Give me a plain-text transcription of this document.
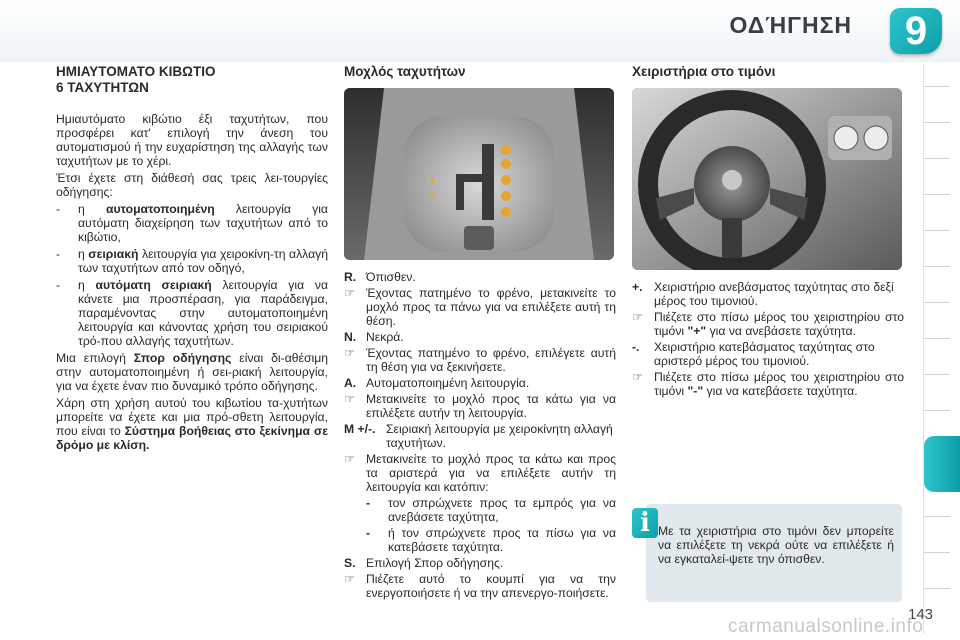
ΟΔΉΓΗΣΗ	9
ΗΜΙΑΥΤΟΜΑΤΟ ΚΙΒΩΤΙΟ
6 ΤΑΧΥΤΗΤΩΝ

Ημιαυτόματο κιβώτιο έξι ταχυτήτων, που προσφέρει κατ' επιλογή την άνεση του αυτοματισμού ή την ευχαρίστηση της αλλαγής των ταχυτήτων με το χέρι.

Έτσι έχετε στη διάθεσή σας τρεις λει-τουργίες οδήγησης:

-	η αυτοματοποιημένη λειτουργία για αυτόματη διαχείρηση των ταχυτήτων από το κιβώτιο,
-	η σειριακή λειτουργία για χειροκίνη-τη αλλαγή των ταχυτήτων από τον οδηγό,
-	η αυτόματη σειριακή λειτουργία για να κάνετε μια προσπέραση, για παράδειγμα, παραμένοντας στην αυτοματοποιημένη λειτουργία και κάνοντας χρήση του σειριακού τρό-που αλλαγής ταχυτήτων.

Μια επιλογή Σπορ οδήγησης είναι δι-αθέσιμη στην αυτοματοποιημένη ή σει-ριακή λειτουργία, για να έχετε έναν πιο δυναμικό τρόπο οδήγησης.

Χάρη στη χρήση αυτού του κιβωτίου τα-χυτήτων μπορείτε να έχετε και μια πρό-σθετη λειτουργία, που είναι το Σύστημα βοήθειας στο ξεκίνημα σε δρόμο με κλίση.

Μοχλός ταχυτήτων
+
−
R. Όπισθεν.
☞ Έχοντας πατημένο το φρένο, μετακινείτε το μοχλό προς τα πάνω για να επιλέξετε αυτή τη θέση.
N. Νεκρά.
☞ Έχοντας πατημένο το φρένο, επιλέγετε αυτή τη θέση για να ξεκινήσετε.
A. Αυτοματοποιημένη λειτουργία.
☞ Μετακινείτε το μοχλό προς τα κάτω για να επιλέξετε αυτήν τη λειτουργία.
M +/-. Σειριακή λειτουργία με χειροκίνητη αλλαγή ταχυτήτων.
☞ Μετακινείτε το μοχλό προς τα κάτω και προς τα αριστερά για να επιλέξετε αυτήν τη λειτουργία και κατόπιν:
-	τον σπρώχνετε προς τα εμπρός για να ανεβάσετε ταχύτητα,
-	ή τον σπρώχνετε προς τα πίσω για να κατεβάσετε ταχύτητα.
S. Επιλογή Σπορ οδήγησης.
☞ Πιέζετε αυτό το κουμπί για να την ενεργοποιήσετε ή να την απενεργο-ποιήσετε.
Χειριστήρια στο τιμόνι
+. Χειριστήριο ανεβάσματος ταχύτητας στο δεξί μέρος του τιμονιού.
☞ Πιέζετε στο πίσω μέρος του χειριστηρίου στο τιμόνι "+" για να ανεβάσετε ταχύτητα.
-.	Χειριστήριο κατεβάσματος ταχύτητας στο αριστερό μέρος του τιμονιού.
☞ Πιέζετε στο πίσω μέρος του χειριστηρίου στο τιμόνι "-" για να κατεβάσετε ταχύτητα.
Με τα χειριστήρια στο τιμόνι δεν μπορείτε να επιλέξετε τη νεκρά ούτε να επιλέξετε ή να εγκαταλεί-ψετε την όπισθεν.
i
143
carmanualsonline.info
